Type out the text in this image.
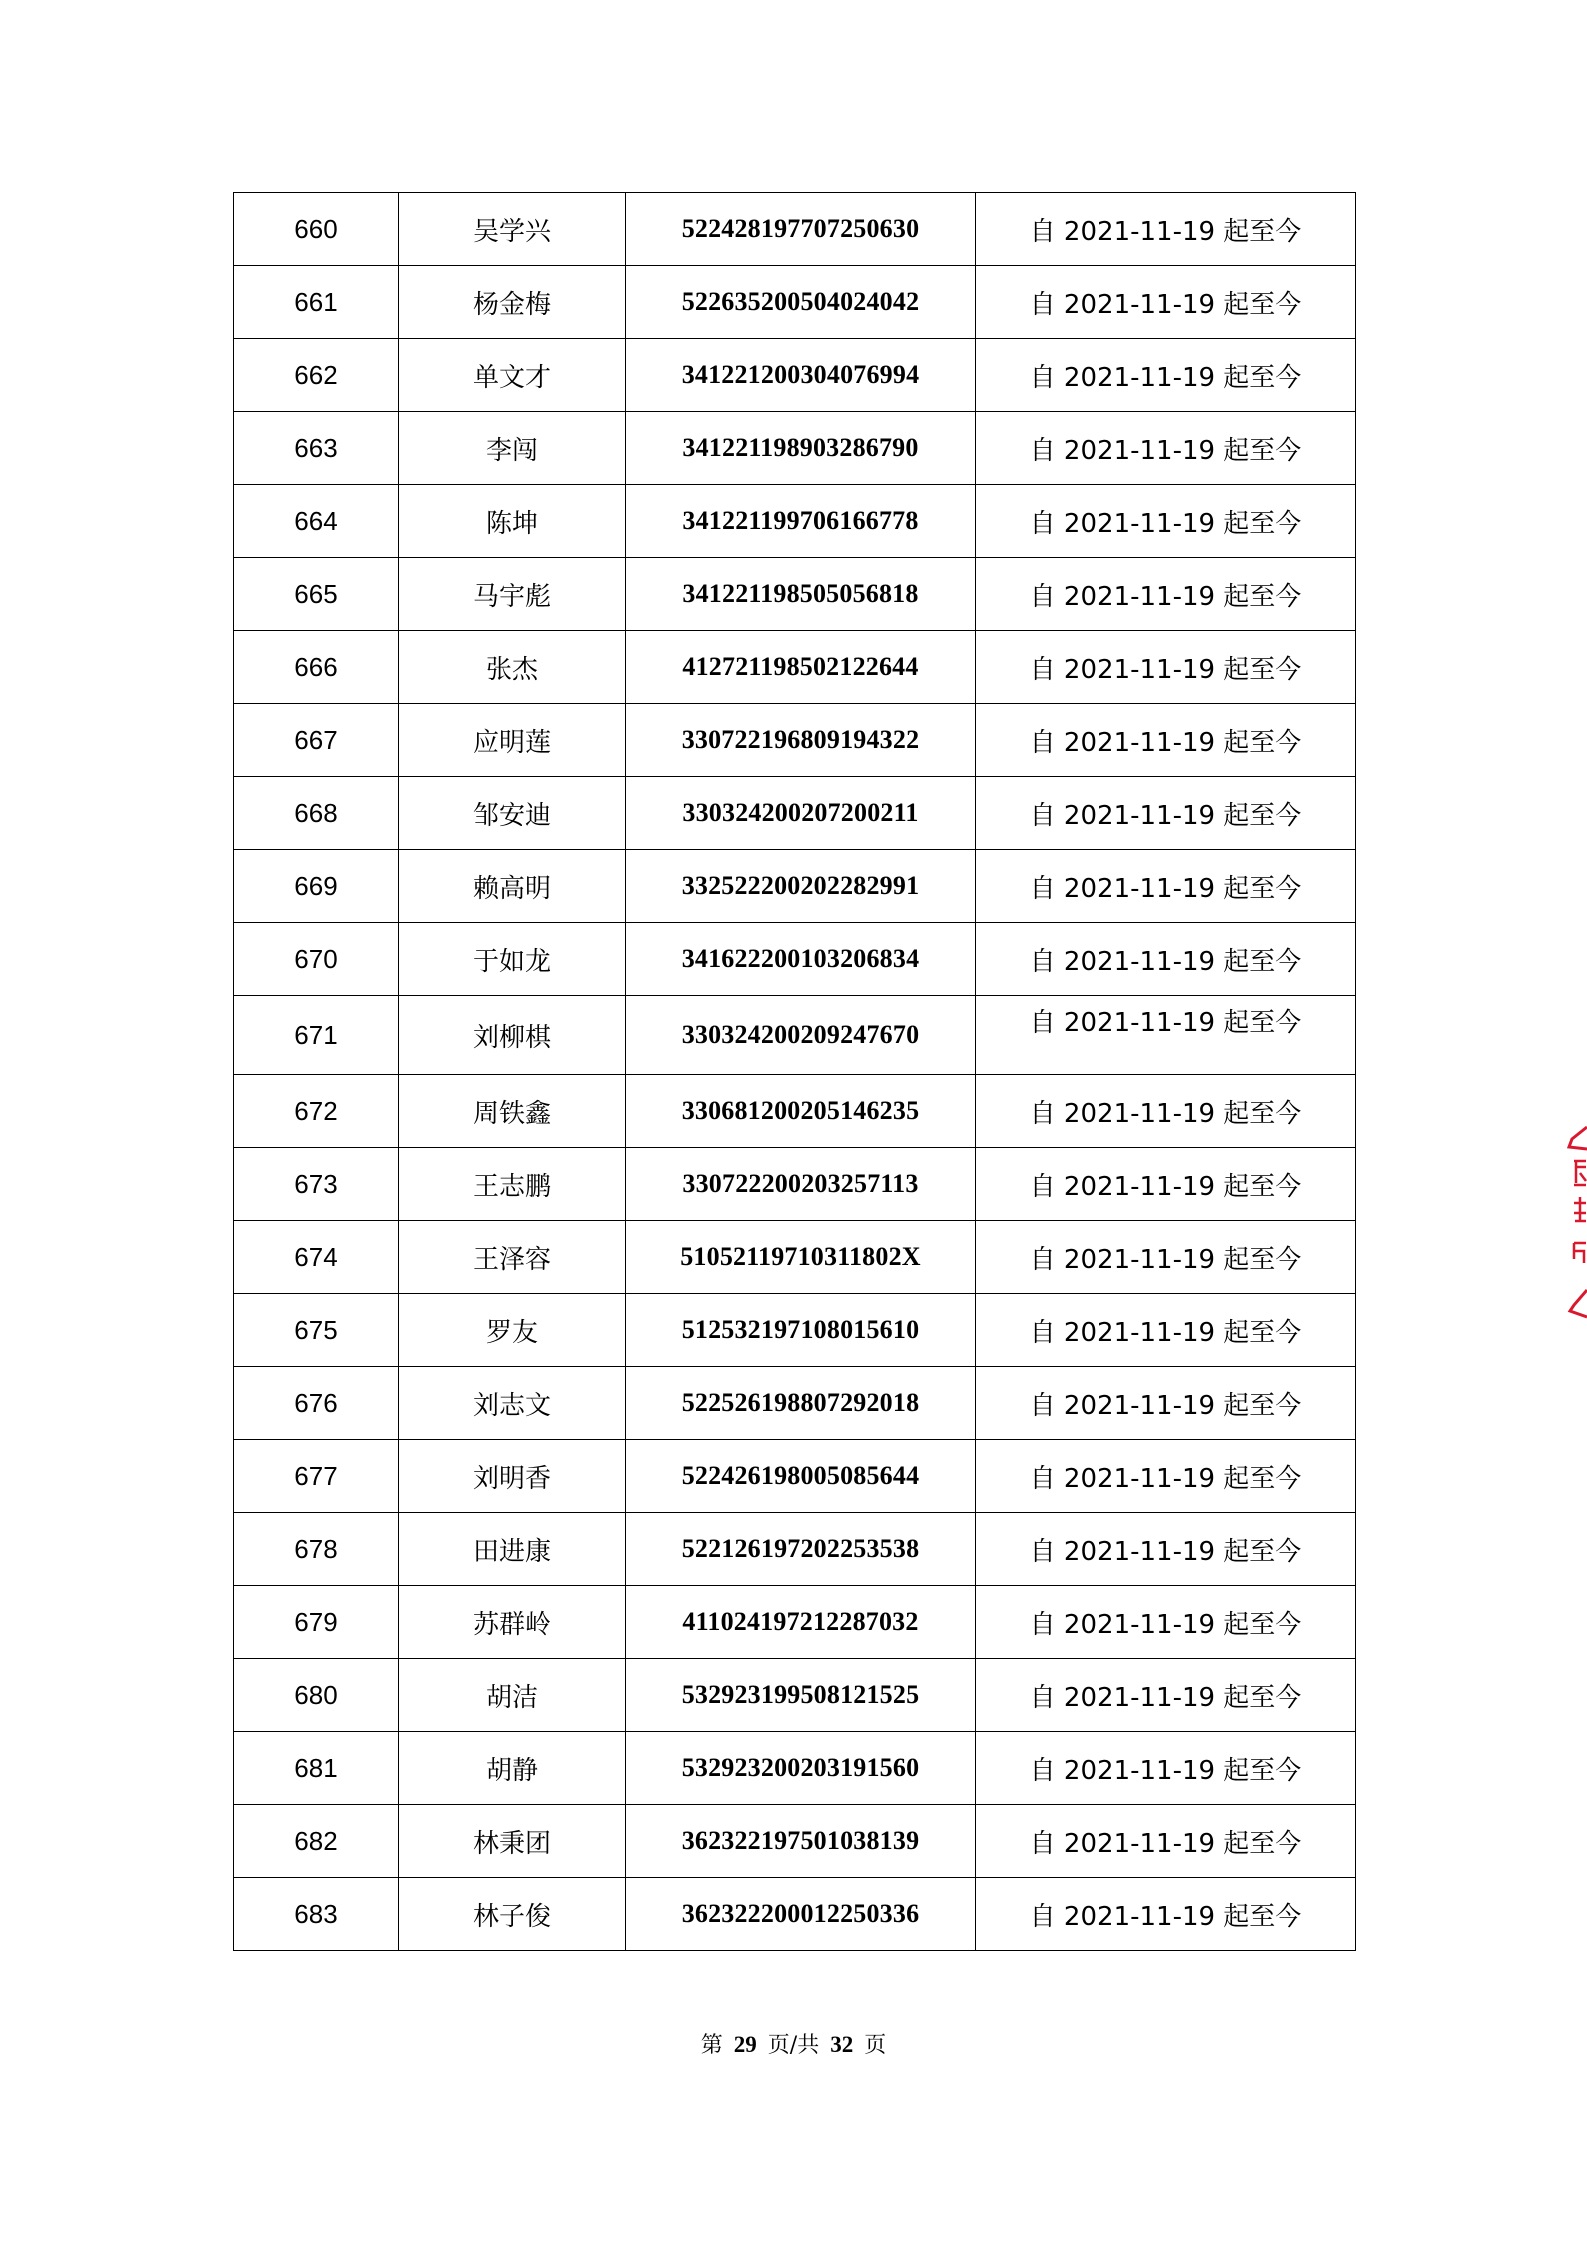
660	吴学兴	522428197707250630	自 2021-11-19 起至今
661	杨金梅	522635200504024042	自 2021-11-19 起至今
662	单文才	341221200304076994	自 2021-11-19 起至今
663	李闯	341221198903286790	自 2021-11-19 起至今
664	陈坤	341221199706166778	自 2021-11-19 起至今
665	马宇彪	341221198505056818	自 2021-11-19 起至今
666	张杰	412721198502122644	自 2021-11-19 起至今
667	应明莲	330722196809194322	自 2021-11-19 起至今
668	邹安迪	330324200207200211	自 2021-11-19 起至今
669	赖高明	332522200202282991	自 2021-11-19 起至今
670	于如龙	341622200103206834	自 2021-11-19 起至今
671	刘柳棋	330324200209247670	自 2021-11-19 起至今
672	周铁鑫	330681200205146235	自 2021-11-19 起至今
673	王志鹏	330722200203257113	自 2021-11-19 起至今
674	王泽容	51052119710311802X	自 2021-11-19 起至今
675	罗友	512532197108015610	自 2021-11-19 起至今
676	刘志文	522526198807292018	自 2021-11-19 起至今
677	刘明香	522426198005085644	自 2021-11-19 起至今
678	田进康	522126197202253538	自 2021-11-19 起至今
679	苏群岭	411024197212287032	自 2021-11-19 起至今
680	胡洁	532923199508121525	自 2021-11-19 起至今
681	胡静	532923200203191560	自 2021-11-19 起至今
682	林秉团	362322197501038139	自 2021-11-19 起至今
683	林子俊	362322200012250336	自 2021-11-19 起至今
第 29 页/共 32 页
